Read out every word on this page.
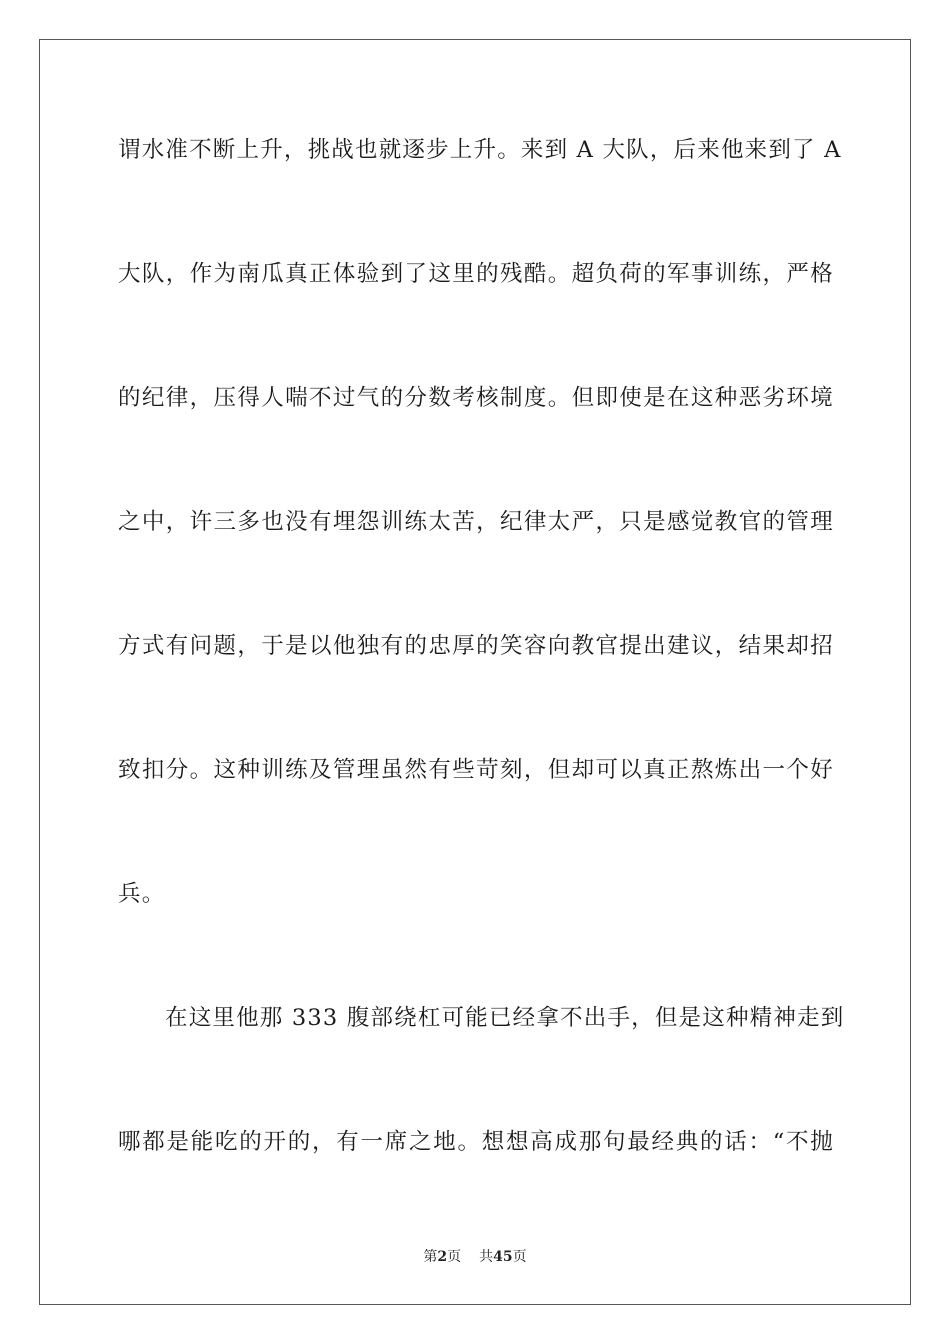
谓水准不断上升，挑战也就逐步上升。来到 A 大队，后来他来到了 A
大队，作为南瓜真正体验到了这里的残酷。超负荷的军事训练，严格
的纪律，压得人喘不过气的分数考核制度。但即使是在这种恶劣环境
之中，许三多也没有埋怨训练太苦，纪律太严，只是感觉教官的管理
方式有问题，于是以他独有的忠厚的笑容向教官提出建议，结果却招
致扣分。这种训练及管理虽然有些苛刻，但却可以真正熬炼出一个好
兵。
在这里他那 333 腹部绕杠可能已经拿不出手，但是这种精神走到
哪都是能吃的开的，有一席之地。想想高成那句最经典的话：“不抛
第2页 共45页
